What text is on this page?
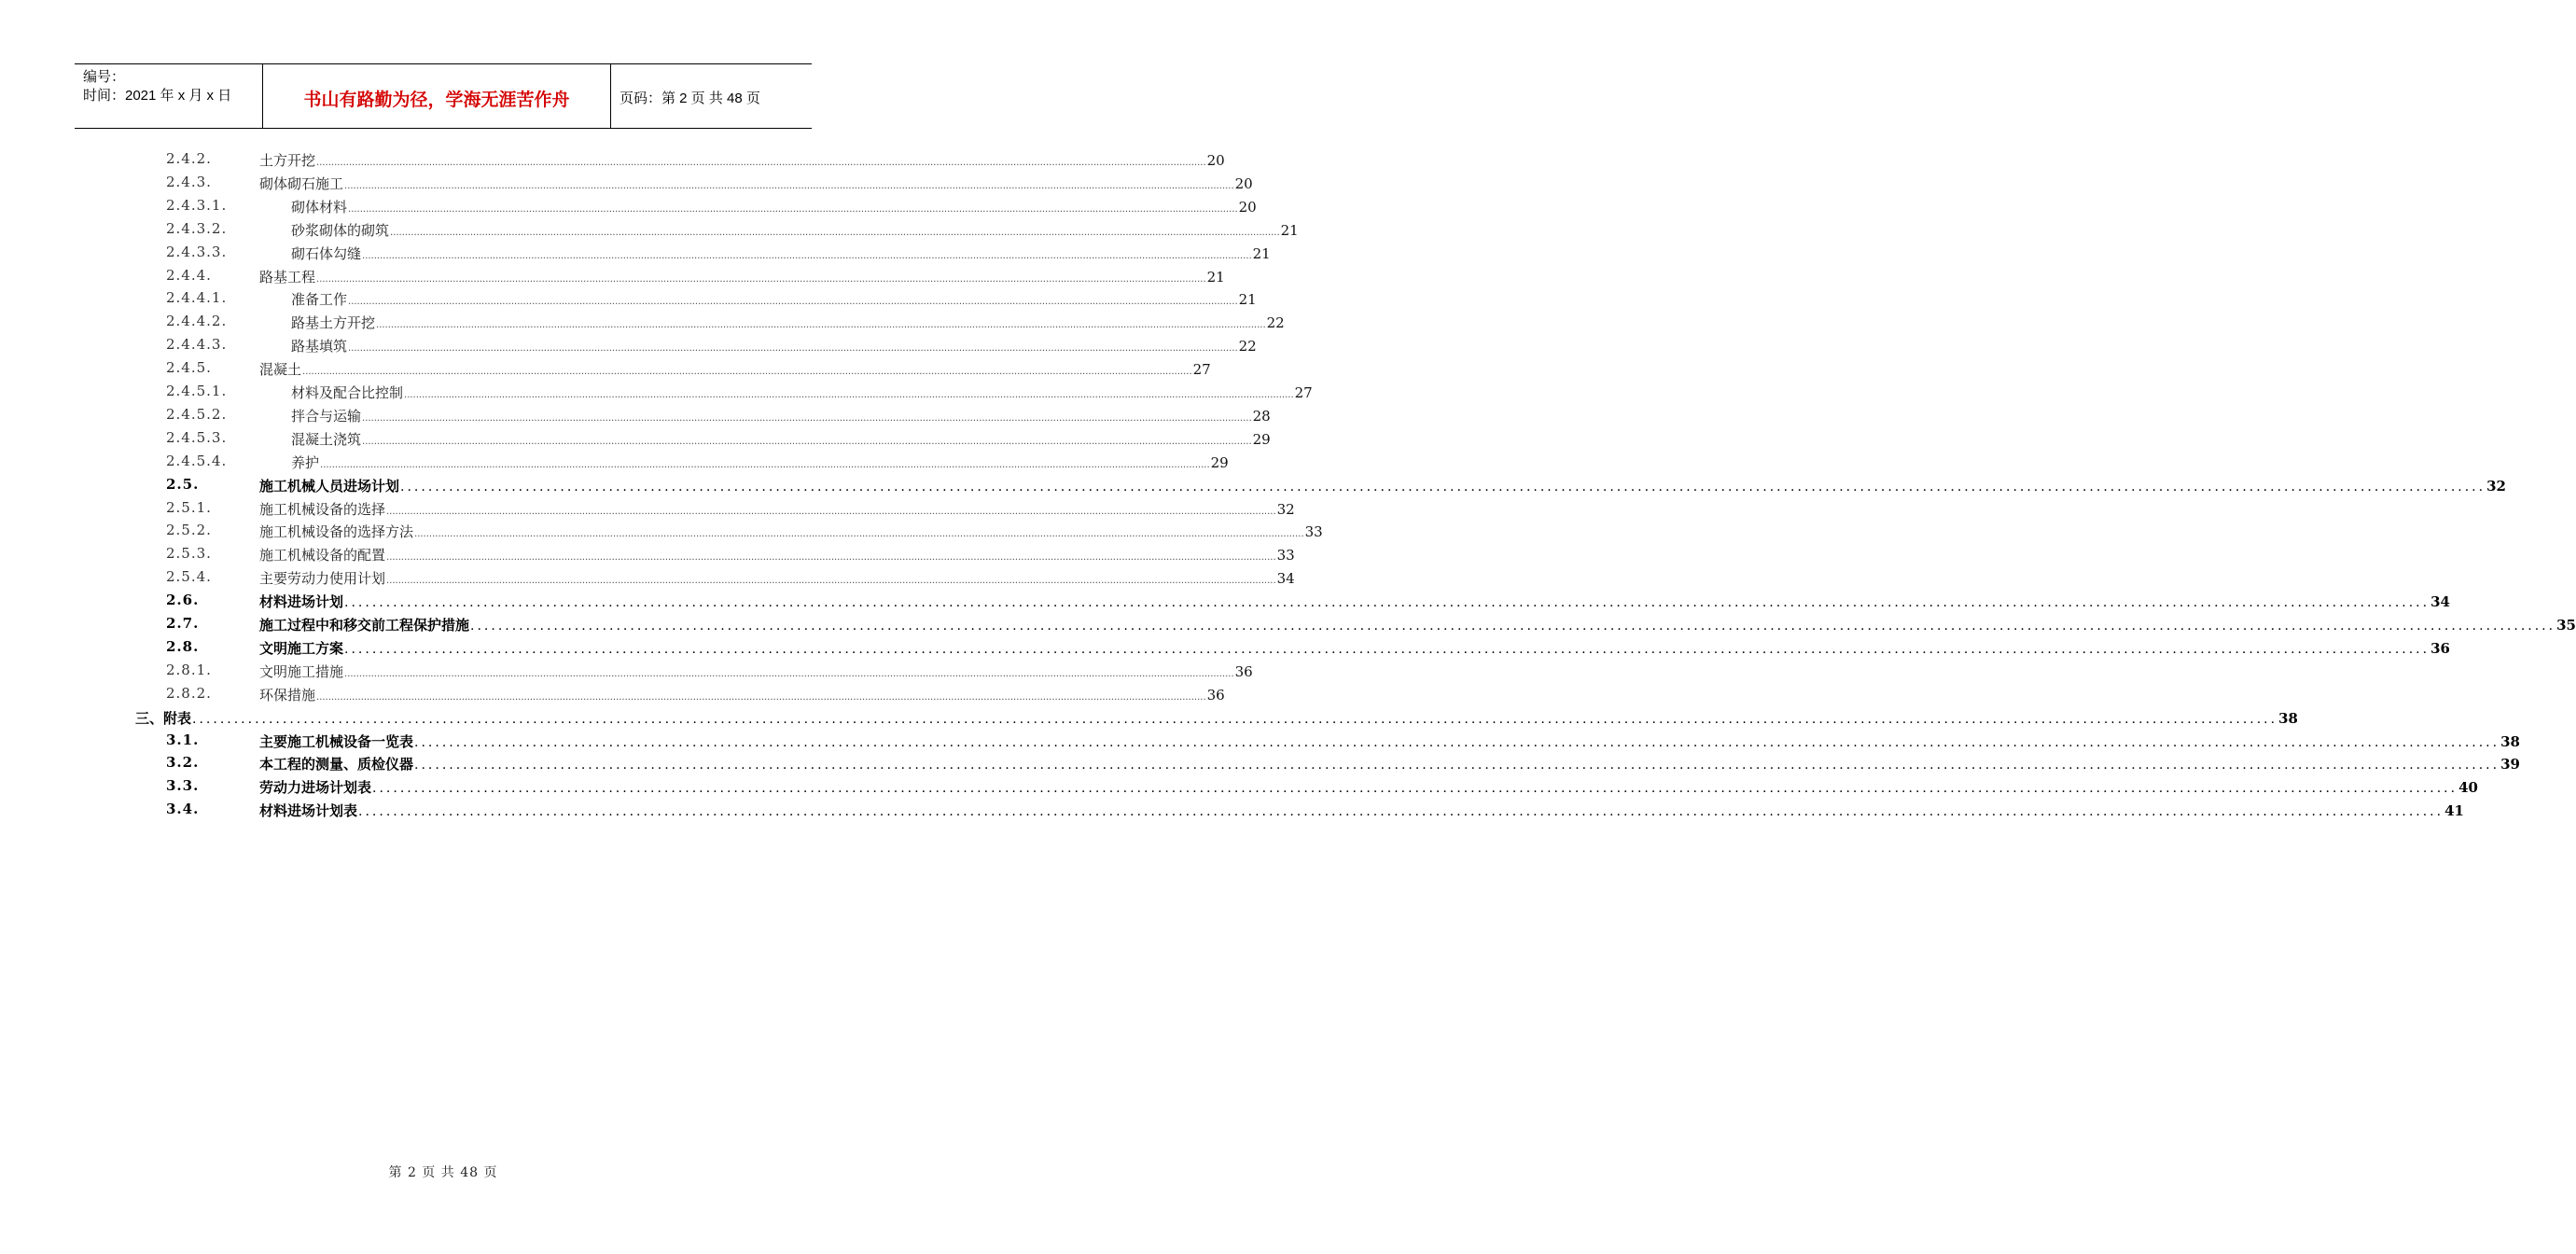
编号：
时间：2021 年 x 月 x 日	书山有路勤为径，学海无涯苦作舟	页码：第 2 页 共 48 页
2.4.2.	土方开挖 ............................................................................................................................................................................................................................................................................................................ 20
2.4.3.	砌体砌石施工 ............................................................................................................................................................................................................................................................................................................ 20
2.4.3.1.	砌体材料 ............................................................................................................................................................................................................................................................................................................ 20
2.4.3.2.	砂浆砌体的砌筑 ............................................................................................................................................................................................................................................................................................................ 21
2.4.3.3.	砌石体勾缝 ............................................................................................................................................................................................................................................................................................................ 21
2.4.4.	路基工程 ............................................................................................................................................................................................................................................................................................................ 21
2.4.4.1.	准备工作 ............................................................................................................................................................................................................................................................................................................ 21
2.4.4.2.	路基土方开挖 ............................................................................................................................................................................................................................................................................................................ 22
2.4.4.3.	路基填筑 ............................................................................................................................................................................................................................................................................................................ 22
2.4.5.	混凝土 ............................................................................................................................................................................................................................................................................................................ 27
2.4.5.1.	材料及配合比控制 ............................................................................................................................................................................................................................................................................................................ 27
2.4.5.2.	拌合与运输 ............................................................................................................................................................................................................................................................................................................ 28
2.4.5.3.	混凝土浇筑 ............................................................................................................................................................................................................................................................................................................ 29
2.4.5.4.	养护 ............................................................................................................................................................................................................................................................................................................ 29
2.5.	施工机械人员进场计划 ............................................................................................................................................................................................................................................................................................................ 32
2.5.1.	施工机械设备的选择 ............................................................................................................................................................................................................................................................................................................ 32
2.5.2.	施工机械设备的选择方法 ............................................................................................................................................................................................................................................................................................................ 33
2.5.3.	施工机械设备的配置 ............................................................................................................................................................................................................................................................................................................ 33
2.5.4.	主要劳动力使用计划 ............................................................................................................................................................................................................................................................................................................ 34
2.6.	材料进场计划 ............................................................................................................................................................................................................................................................................................................ 34
2.7.	施工过程中和移交前工程保护措施 ............................................................................................................................................................................................................................................................................................................ 35
2.8.	文明施工方案 ............................................................................................................................................................................................................................................................................................................ 36
2.8.1.	文明施工措施 ............................................................................................................................................................................................................................................................................................................ 36
2.8.2.	环保措施 ............................................................................................................................................................................................................................................................................................................ 36
三、附表 ............................................................................................................................................................................................................................................................................................................ 38
3.1.	主要施工机械设备一览表 ............................................................................................................................................................................................................................................................................................................ 38
3.2.	本工程的测量、质检仪器 ............................................................................................................................................................................................................................................................................................................ 39
3.3.	劳动力进场计划表 ............................................................................................................................................................................................................................................................................................................ 40
3.4.	材料进场计划表 ............................................................................................................................................................................................................................................................................................................ 41
第 2 页 共 48 页
